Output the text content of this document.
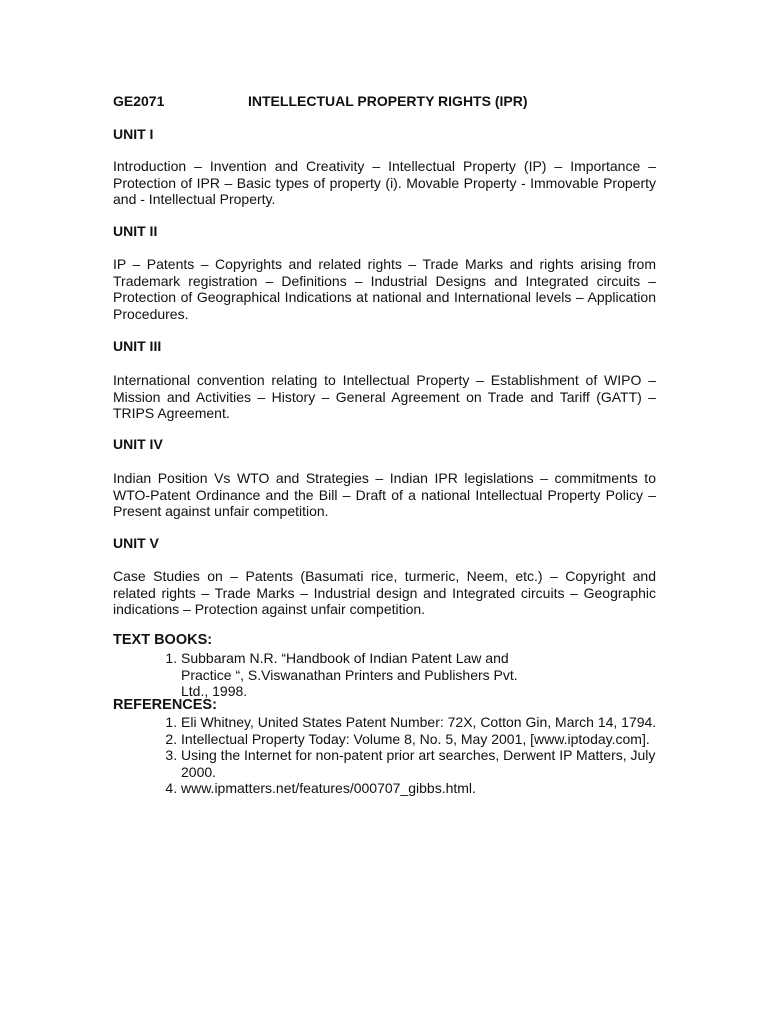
GE2071	INTELLECTUAL PROPERTY RIGHTS (IPR)
UNIT I
Introduction – Invention and Creativity – Intellectual Property (IP) – Importance – Protection of IPR – Basic types of property (i). Movable Property - Immovable Property and - Intellectual Property.
UNIT II
IP – Patents – Copyrights and related rights – Trade Marks and rights arising from Trademark registration – Definitions – Industrial Designs and Integrated circuits – Protection of Geographical Indications at national and International levels – Application Procedures.
UNIT III
International convention relating to Intellectual Property – Establishment of WIPO – Mission and Activities – History – General Agreement on Trade and Tariff (GATT) – TRIPS Agreement.
UNIT IV
Indian Position Vs WTO and Strategies – Indian IPR legislations – commitments to WTO-Patent Ordinance and the Bill – Draft of a national Intellectual Property Policy – Present against unfair competition.
UNIT V
Case Studies on – Patents (Basumati rice, turmeric, Neem, etc.) – Copyright and related rights – Trade Marks – Industrial design and Integrated circuits – Geographic indications – Protection against unfair competition.
TEXT BOOKS:
1. Subbaram N.R. “Handbook of Indian Patent Law and Practice “, S.Viswanathan Printers and Publishers Pvt. Ltd., 1998.
REFERENCES:
1. Eli Whitney, United States Patent Number: 72X, Cotton Gin, March 14, 1794.
2. Intellectual Property Today: Volume 8, No. 5, May 2001, [www.iptoday.com].
3. Using the Internet for non-patent prior art searches, Derwent IP Matters, July 2000.
4. www.ipmatters.net/features/000707_gibbs.html.
